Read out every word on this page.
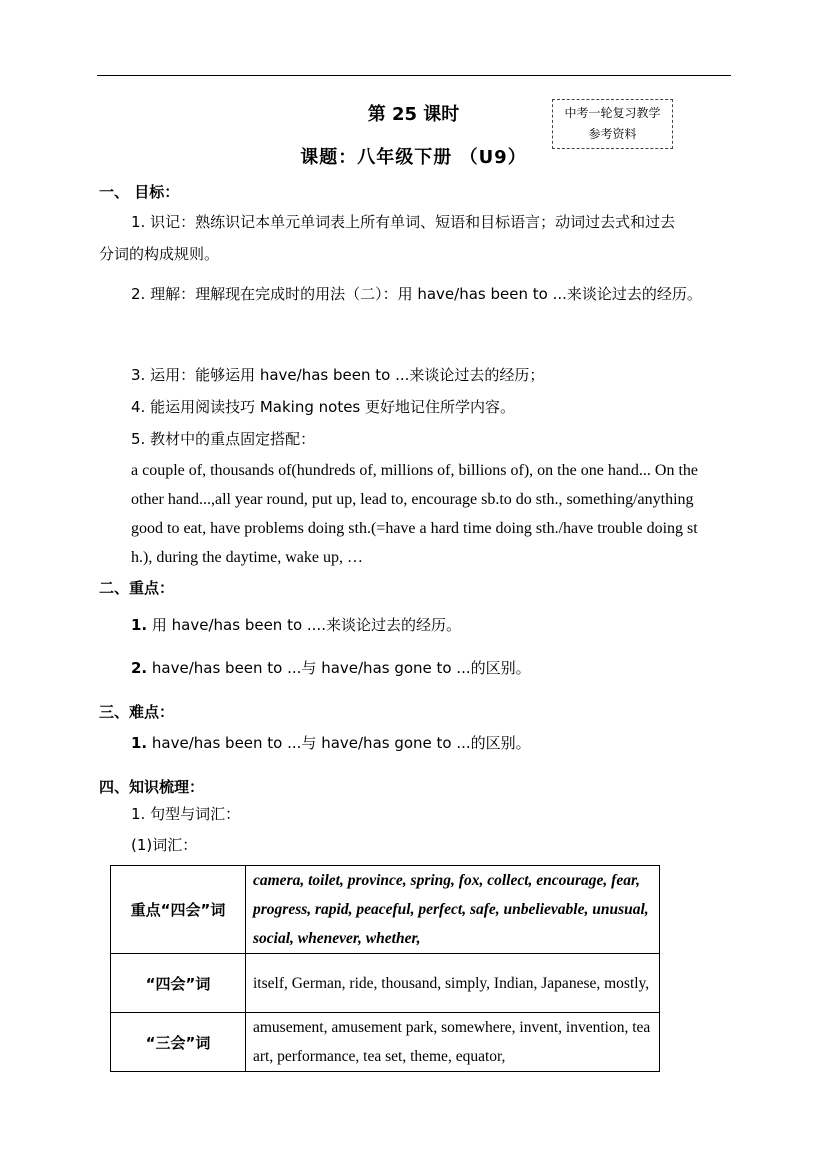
第 25 课时
课题：八年级下册 （U9）
中考一轮复习教学
参考资料
一、 目标：
1. 识记：熟练识记本单元单词表上所有单词、短语和目标语言；动词过去式和过去
分词的构成规则。
2. 理解：理解现在完成时的用法（二）：用 have/has been to ...来谈论过去的经历。
3. 运用：能够运用 have/has been to ...来谈论过去的经历；
4. 能运用阅读技巧 Making notes 更好地记住所学内容。
5. 教材中的重点固定搭配：
a couple of, thousands of(hundreds of, millions of, billions of), on the one hand... On the
other hand...,all year round, put up, lead to, encourage sb.to do sth., something/anything
good to eat, have problems doing sth.(=have a hard time doing sth./have trouble doing st
h.), during the daytime, wake up, …
二、重点：
1. 用 have/has been to ....来谈论过去的经历。
2. have/has been to ...与 have/has gone to ...的区别。
三、难点：
1. have/has been to ...与 have/has gone to ...的区别。
四、知识梳理：
1. 句型与词汇：
(1)词汇：
重点“四会”词	camera, toilet, province, spring, fox, collect, encourage, fear, progress, rapid, peaceful, perfect, safe, unbelievable, unusual, social, whenever, whether,
“四会”词	itself, German, ride, thousand, simply, Indian, Japanese, mostly,
“三会”词	amusement, amusement park, somewhere, invent, invention, tea art, performance, tea set, theme, equator,
